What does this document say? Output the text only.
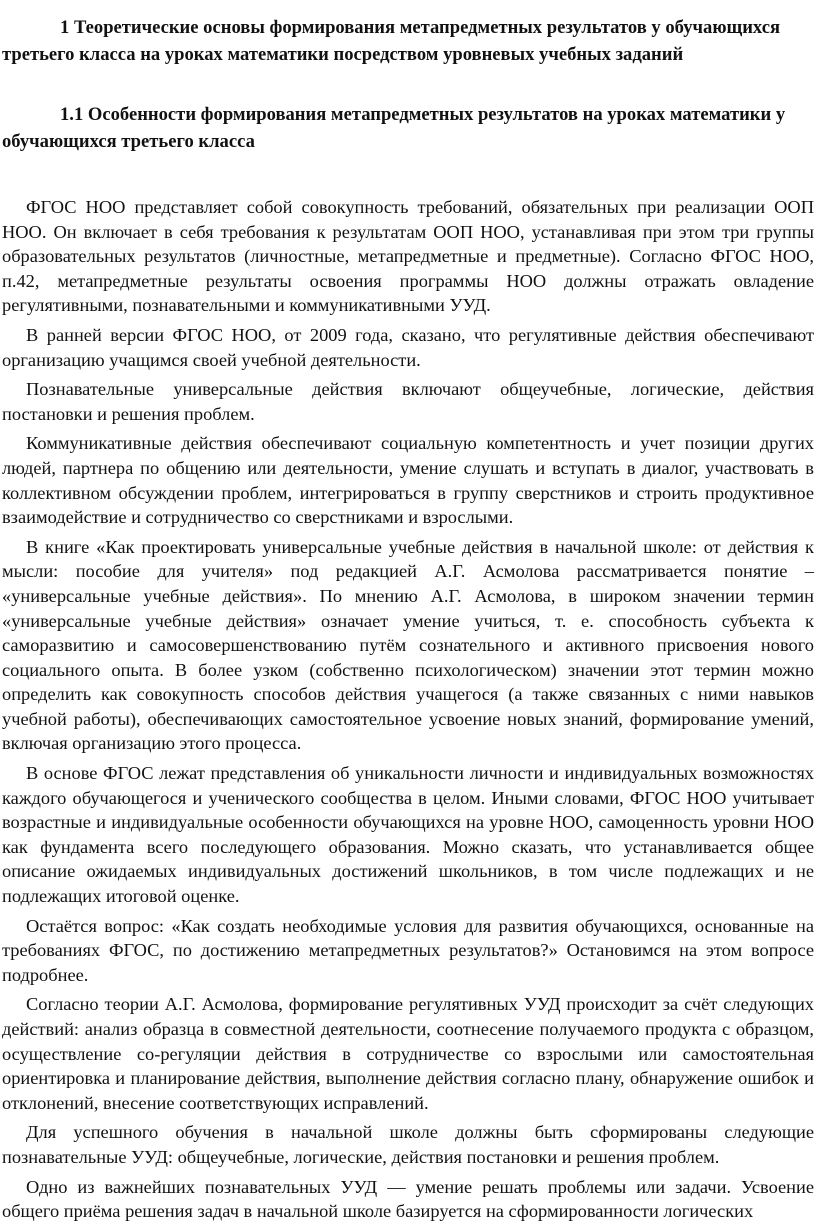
1 Теоретические основы формирования метапредметных результатов у обучающихся третьего класса на уроках математики посредством уровневых учебных заданий
1.1 Особенности формирования метапредметных результатов на уроках математики у обучающихся третьего класса

ФГОС НОО представляет собой совокупность требований, обязательных при реализации ООП НОО. Он включает в себя требования к результатам ООП НОО, устанавливая при этом три группы образовательных результатов (личностные, метапредметные и предметные). Согласно ФГОС НОО, п.42, метапредметные результаты освоения программы НОО должны отражать овладение регулятивными, познавательными и коммуникативными УУД.

В ранней версии ФГОС НОО, от 2009 года, сказано, что регулятивные действия обеспечивают организацию учащимся своей учебной деятельности.

Познавательные универсальные действия включают общеучебные, логические, действия постановки и решения проблем.

Коммуникативные действия обеспечивают социальную компетентность и учет позиции других людей, партнера по общению или деятельности, умение слушать и вступать в диалог, участвовать в коллективном обсуждении проблем, интегрироваться в группу сверстников и строить продуктивное взаимодействие и сотрудничество со сверстниками и взрослыми.

В книге «Как проектировать универсальные учебные действия в начальной школе: от действия к мысли: пособие для учителя» под редакцией А.Г. Асмолова рассматривается понятие – «универсальные учебные действия». По мнению А.Г. Асмолова, в широком значении термин «универсальные учебные действия» означает умение учиться, т. е. способность субъекта к саморазвитию и самосовершенствованию путём сознательного и активного присвоения нового социального опыта. В более узком (собственно психологическом) значении этот термин можно определить как совокупность способов действия учащегося (а также связанных с ними навыков учебной работы), обеспечивающих самостоятельное усвоение новых знаний, формирование умений, включая организацию этого процесса.

В основе ФГОС лежат представления об уникальности личности и индивидуальных возможностях каждого обучающегося и ученического сообщества в целом. Иными словами, ФГОС НОО учитывает возрастные и индивидуальные особенности обучающихся на уровне НОО, самоценность уровни НОО как фундамента всего последующего образования. Можно сказать, что устанавливается общее описание ожидаемых индивидуальных достижений школьников, в том числе подлежащих и не подлежащих итоговой оценке.

Остаётся вопрос: «Как создать необходимые условия для развития обучающихся, основанные на требованиях ФГОС, по достижению метапредметных результатов?» Остановимся на этом вопросе подробнее.

Согласно теории А.Г. Асмолова, формирование регулятивных УУД происходит за счёт следующих действий: анализ образца в совместной деятельности, соотнесение получаемого продукта с образцом, осуществление со-регуляции действия в сотрудничестве со взрослыми или самостоятельная ориентировка и планирование действия, выполнение действия согласно плану, обнаружение ошибок и отклонений, внесение соответствующих исправлений.

Для успешного обучения в начальной школе должны быть сформированы следующие познавательные УУД: общеучебные, логические, действия постановки и решения проблем.

Одно из важнейших познавательных УУД — умение решать проблемы или задачи. Усвоение общего приёма решения задач в начальной школе базируется на сформированности логических
